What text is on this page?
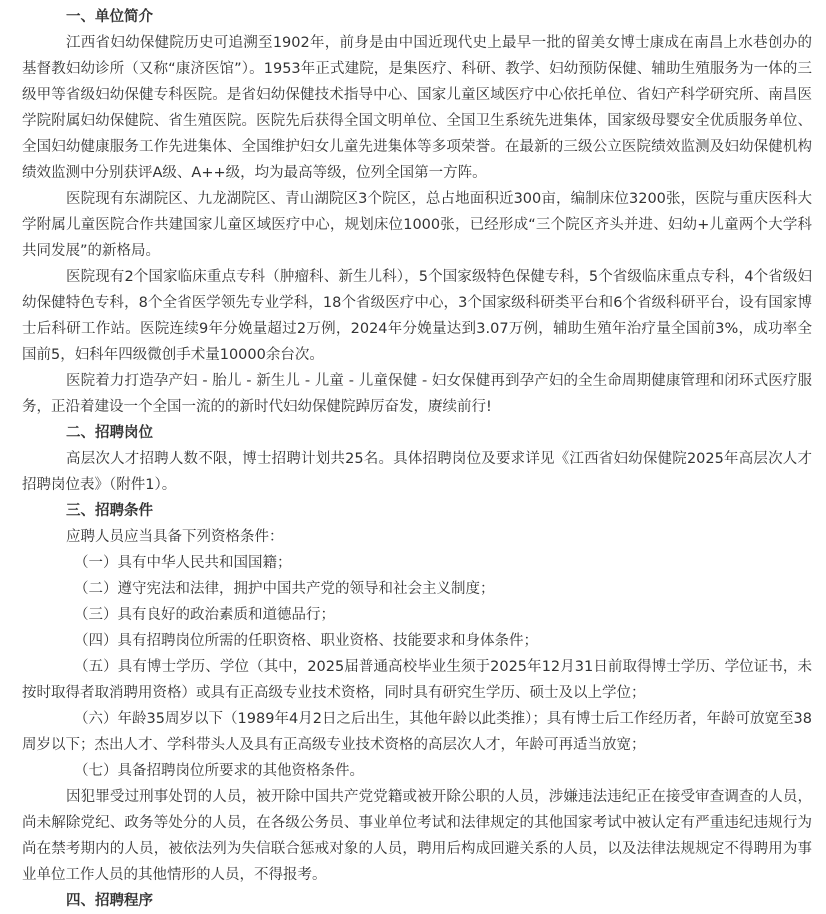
一、单位简介

江西省妇幼保健院历史可追溯至1902年，前身是由中国近现代史上最早一批的留美女博士康成在南昌上水巷创办的基督教妇幼诊所（又称“康济医馆”）。1953年正式建院，是集医疗、科研、教学、妇幼预防保健、辅助生殖服务为一体的三级甲等省级妇幼保健专科医院。是省妇幼保健技术指导中心、国家儿童区域医疗中心依托单位、省妇产科学研究所、南昌医学院附属妇幼保健院、省生殖医院。医院先后获得全国文明单位、全国卫生系统先进集体，国家级母婴安全优质服务单位、全国妇幼健康服务工作先进集体、全国维护妇女儿童先进集体等多项荣誉。在最新的三级公立医院绩效监测及妇幼保健机构绩效监测中分别获评A级、A++级，均为最高等级，位列全国第一方阵。

医院现有东湖院区、九龙湖院区、青山湖院区3个院区，总占地面积近300亩，编制床位3200张，医院与重庆医科大学附属儿童医院合作共建国家儿童区域医疗中心，规划床位1000张，已经形成“三个院区齐头并进、妇幼+儿童两个大学科共同发展”的新格局。

医院现有2个国家临床重点专科（肿瘤科、新生儿科），5个国家级特色保健专科，5个省级临床重点专科，4个省级妇幼保健特色专科，8个全省医学领先专业学科，18个省级医疗中心，3个国家级科研类平台和6个省级科研平台，设有国家博士后科研工作站。医院连续9年分娩量超过2万例，2024年分娩量达到3.07万例，辅助生殖年治疗量全国前3%，成功率全国前5，妇科年四级微创手术量10000余台次。

医院着力打造孕产妇 - 胎儿 - 新生儿 - 儿童 - 儿童保健 - 妇女保健再到孕产妇的全生命周期健康管理和闭环式医疗服务，正沿着建设一个全国一流的的新时代妇幼保健院踔厉奋发，赓续前行!

二、招聘岗位

高层次人才招聘人数不限，博士招聘计划共25名。具体招聘岗位及要求详见《江西省妇幼保健院2025年高层次人才招聘岗位表》（附件1）。

三、招聘条件

应聘人员应当具备下列资格条件：

（一）具有中华人民共和国国籍；

（二）遵守宪法和法律，拥护中国共产党的领导和社会主义制度；

（三）具有良好的政治素质和道德品行；

（四）具有招聘岗位所需的任职资格、职业资格、技能要求和身体条件；

（五）具有博士学历、学位（其中，2025届普通高校毕业生须于2025年12月31日前取得博士学历、学位证书，未按时取得者取消聘用资格）或具有正高级专业技术资格，同时具有研究生学历、硕士及以上学位；

（六）年龄35周岁以下（1989年4月2日之后出生，其他年龄以此类推）；具有博士后工作经历者，年龄可放宽至38周岁以下；杰出人才、学科带头人及具有正高级专业技术资格的高层次人才，年龄可再适当放宽；

（七）具备招聘岗位所要求的其他资格条件。

因犯罪受过刑事处罚的人员，被开除中国共产党党籍或被开除公职的人员，涉嫌违法违纪正在接受审查调查的人员，尚未解除党纪、政务等处分的人员，在各级公务员、事业单位考试和法律规定的其他国家考试中被认定有严重违纪违规行为尚在禁考期内的人员，被依法列为失信联合惩戒对象的人员，聘用后构成回避关系的人员，以及法律法规规定不得聘用为事业单位工作人员的其他情形的人员，不得报考。

四、招聘程序
